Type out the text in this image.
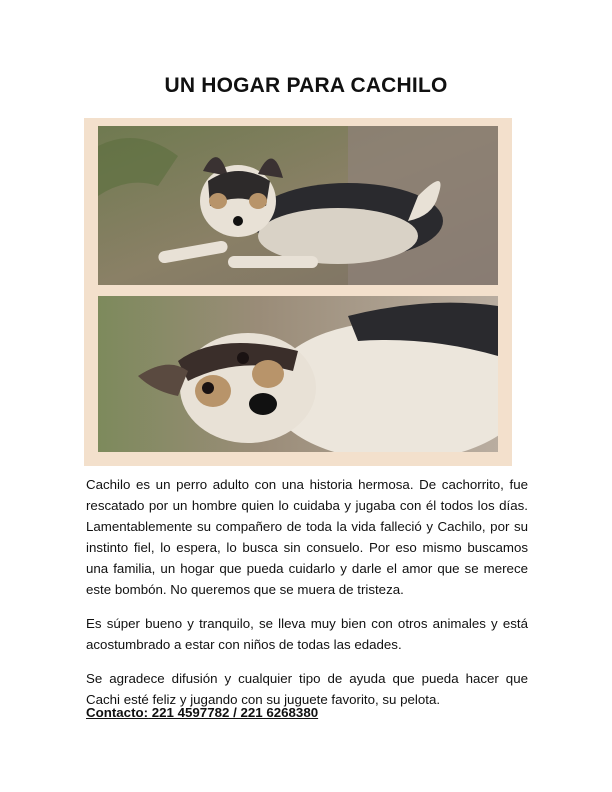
UN HOGAR PARA CACHILO

Cachilo es un perro adulto con una historia hermosa. De cachorrito, fue rescatado por un hombre quien lo cuidaba y jugaba con él todos los días. Lamentablemente su compañero de toda la vida falleció y Cachilo, por su instinto fiel, lo espera, lo busca sin consuelo. Por eso mismo buscamos una familia, un hogar que pueda cuidarlo y darle el amor que se merece este bombón. No queremos que se muera de tristeza.

Es súper bueno y tranquilo, se lleva muy bien con otros animales y está acostumbrado a estar con niños de todas las edades.

Se agradece difusión y cualquier tipo de ayuda que pueda hacer que Cachi esté feliz y jugando con su juguete favorito, su pelota.

Contacto: 221 4597782 / 221 6268380
